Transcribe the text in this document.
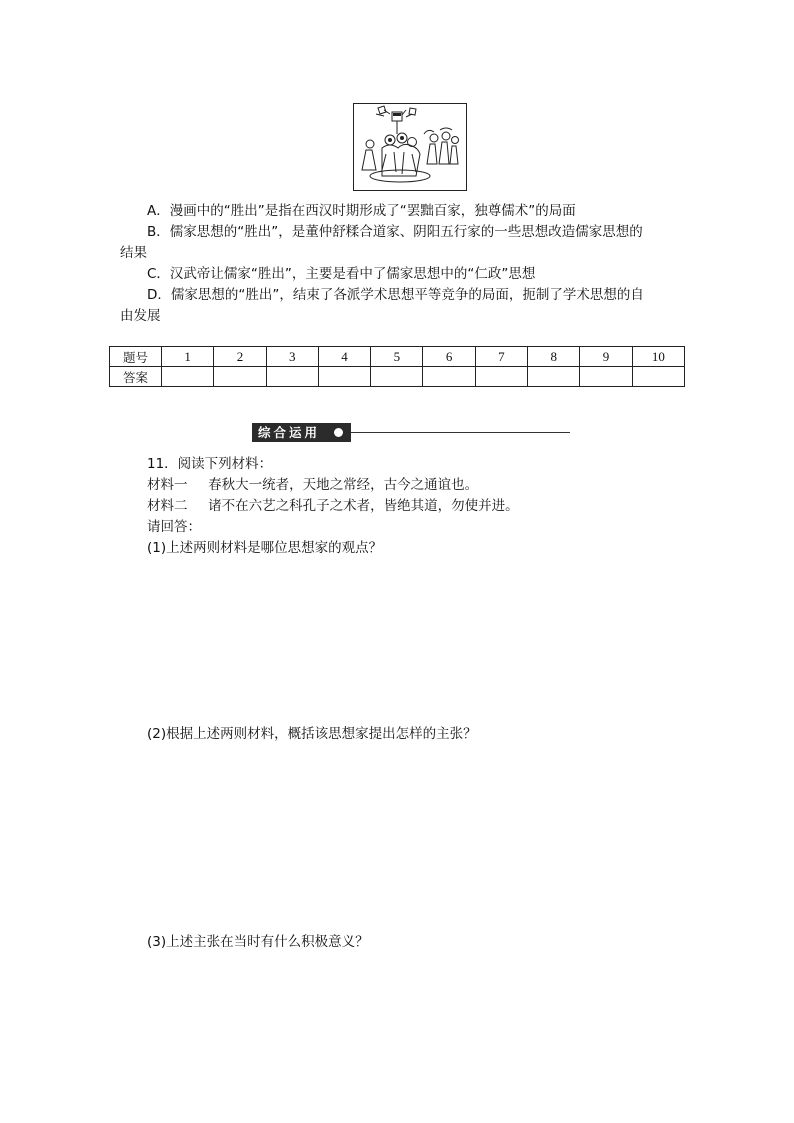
A．漫画中的“胜出”是指在西汉时期形成了“罢黜百家，独尊儒术”的局面
B．儒家思想的“胜出”，是董仲舒糅合道家、阴阳五行家的一些思想改造儒家思想的
结果
C．汉武帝让儒家“胜出”，主要是看中了儒家思想中的“仁政”思想
D．儒家思想的“胜出”，结束了各派学术思想平等竞争的局面，扼制了学术思想的自
由发展
题号	1	2	3	4	5	6	7	8	9	10
答案										
综合运用
11．阅读下列材料：
材料一 春秋大一统者，天地之常经，古今之通谊也。
材料二 诸不在六艺之科孔子之术者，皆绝其道，勿使并进。
请回答：
(1)上述两则材料是哪位思想家的观点？
(2)根据上述两则材料，概括该思想家提出怎样的主张？
(3)上述主张在当时有什么积极意义？
